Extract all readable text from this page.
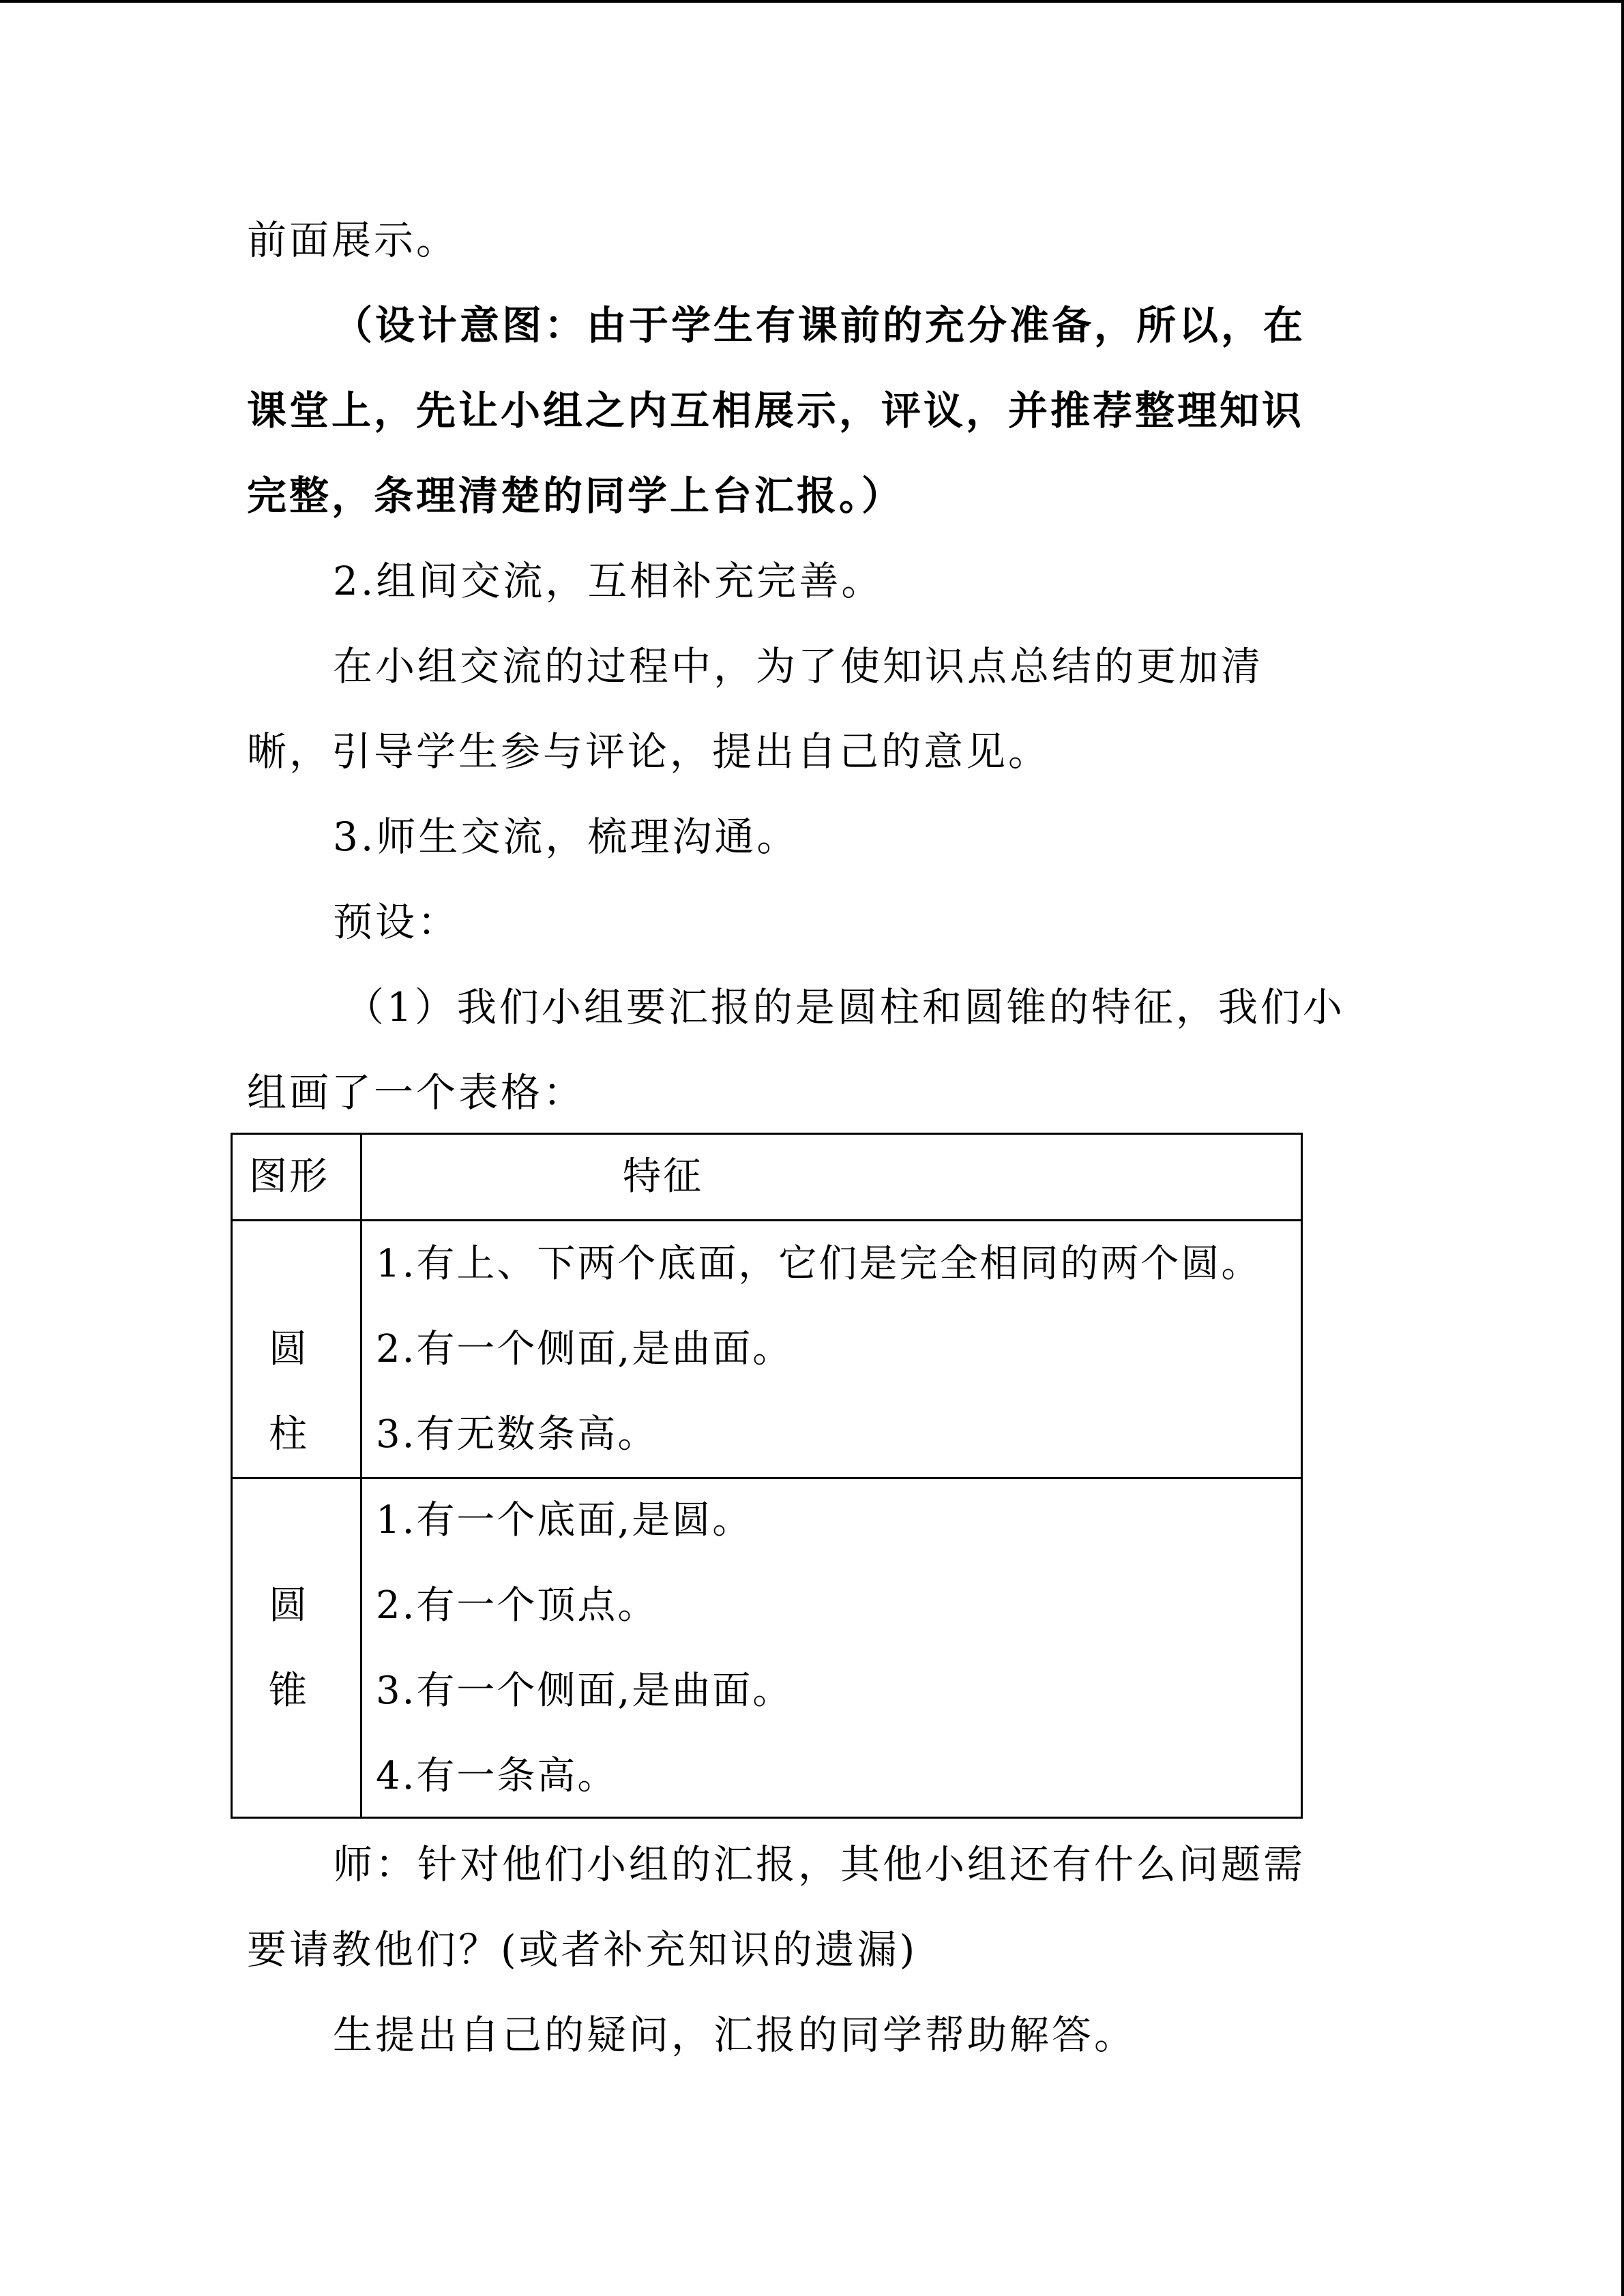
前面展示。
（设计意图：由于学生有课前的充分准备，所以，在
课堂上，先让小组之内互相展示，评议，并推荐整理知识
完整，条理清楚的同学上台汇报。）
2.组间交流，互相补充完善。
在小组交流的过程中，为了使知识点总结的更加清
晰，引导学生参与评论，提出自己的意见。
3.师生交流，梳理沟通。
预设：
（1）我们小组要汇报的是圆柱和圆锥的特征，我们小
组画了一个表格：
图形	特征
圆
柱
1.有上、下两个底面，它们是完全相同的两个圆。
2.有一个侧面,是曲面。
3.有无数条高。
圆
锥
1.有一个底面,是圆。
2.有一个顶点。
3.有一个侧面,是曲面。
4.有一条高。
师：针对他们小组的汇报，其他小组还有什么问题需
要请教他们？(或者补充知识的遗漏)
生提出自己的疑问，汇报的同学帮助解答。
